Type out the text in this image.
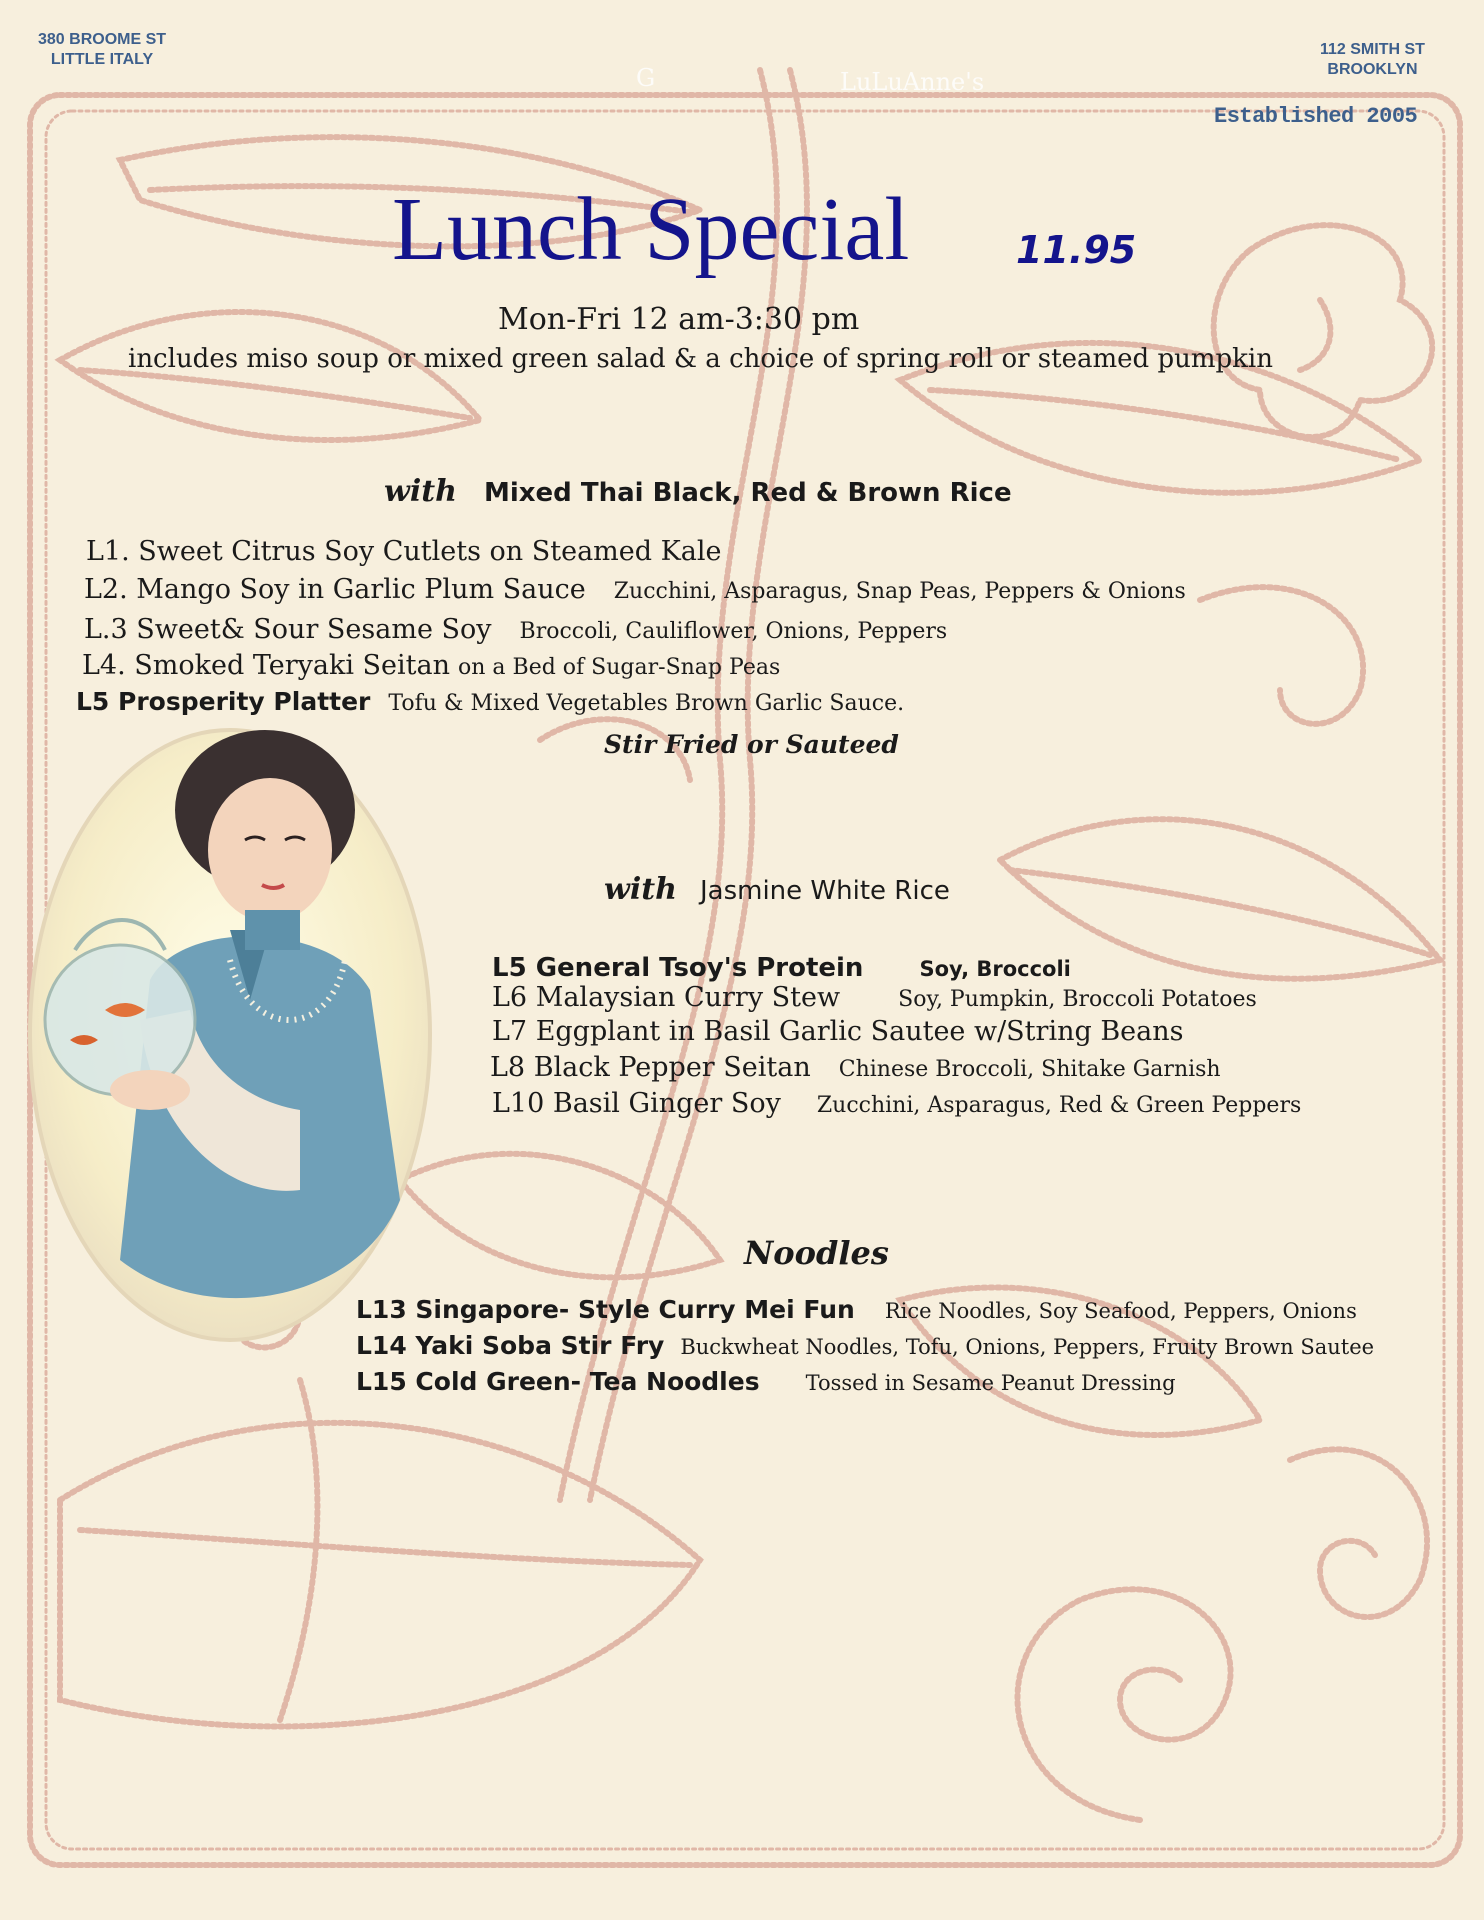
380 BROOME ST
LITTLE ITALY
112 SMITH ST
BROOKLYN
G	LuLuAnne's
Established 2005
Lunch Special	11.95
Mon-Fri 12 am-3:30 pm
includes miso soup or mixed green salad & a choice of spring roll or steamed pumpkin
with Mixed Thai Black, Red & Brown Rice
L1. Sweet Citrus Soy Cutlets on Steamed Kale
L2. Mango Soy in Garlic Plum Sauce Zucchini, Asparagus, Snap Peas, Peppers & Onions
L.3 Sweet& Sour Sesame Soy Broccoli, Cauliflower, Onions, Peppers
L4. Smoked Teryaki Seitan on a Bed of Sugar-Snap Peas
L5 Prosperity Platter Tofu & Mixed Vegetables Brown Garlic Sauce.
Stir Fried or Sauteed
with Jasmine White Rice
L5 General Tsoy's Protein	Soy, Broccoli
L6 Malaysian Curry Stew	Soy, Pumpkin, Broccoli Potatoes
L7 Eggplant in Basil Garlic Sautee w/String Beans
L8 Black Pepper Seitan Chinese Broccoli, Shitake Garnish
L10 Basil Ginger Soy Zucchini, Asparagus, Red & Green Peppers
Noodles
L13 Singapore- Style Curry Mei Fun Rice Noodles, Soy Seafood, Peppers, Onions
L14 Yaki Soba Stir Fry Buckwheat Noodles, Tofu, Onions, Peppers, Fruity Brown Sautee
L15 Cold Green- Tea Noodles Tossed in Sesame Peanut Dressing
